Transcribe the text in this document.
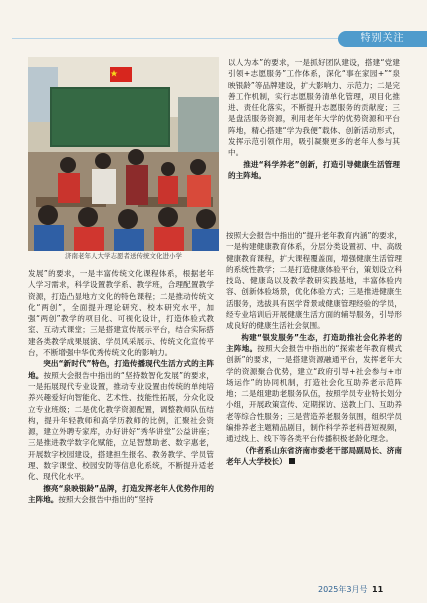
特别关注
济南老年人大学志愿者送传统文化进小学

以人为本”的要求，一是抓好团队建设，搭建“党建引领+志愿服务”工作体系，深化“事在家园+”“泉映银龄”等品牌建设，扩大影响力、示范力；二是完善工作机制，实行志愿服务清单化管理，项目化推进、责任化落实，不断提升志愿服务的贡献度；三是盘活服务资源，利用老年大学的优势资源和平台阵地，精心搭建“学为我便”载体、创新活动形式，发挥示范引领作用，吸引凝聚更多的老年人参与其中。

推进“科学养老”创新，打造引导健康生活管理的主阵地。

发展”的要求，一是丰富传统文化课程体系，根据老年人学习需求，科学设置教学系、教学班，合理配置教学资源，打造凸显地方文化的特色课程；二是推动传统文化“两创”，全面提升理论研究、校本研究水平，加强“两创”教学的项目化、可视化设计，打造体验式教室、互动式课堂；三是搭建宣传展示平台，结合实际搭建各类教学成果展演、学员风采展示、传统文化宣传平台，不断增强中华优秀传统文化的影响力。

突出“新时代”特色，打造传播现代生活方式的主阵地。按照大会报告中指出的“坚持数智化发展”的要求，一是拓展现代专业设置，推动专业设置由传统的单纯培养兴趣爱好向智能化、艺术性、技能性拓展，分众化设立专业班级；二是优化教学资源配置，调整教师队伍结构，提升年轻教师和高学历教师的比例，汇聚社会资源，建立外聘专家库，办好讲好“秀华讲堂”公益讲座；三是推进教学数字化赋能，立足智慧助老、数字惠老，开展数字校园建设，搭建担生报名、教务教学、学员管理、数字课堂、校园安防等信息化系统，不断提升适老化、现代化水平。

擦亮“泉映银龄”品牌，打造发挥老年人优势作用的主阵地。按照大会报告中指出的“坚持

按照大会报告中指出的“提升老年教育内涵”的要求，一是构建健康教育体系，分层分类设置初、中、高级健康教育课程，扩大课程覆盖面，增强健康生活管理的系统性教学；二是打造健康体验平台，策划设立科技岛、健康岛以及教学教研实践基地，丰富体验内容、创新体验场景，优化体验方式；三是推进健康生活服务，选拔具有医学背景或健康管理经验的学员，经专业培训后开展健康生活方面的辅导服务，引导形成良好的健康生活社会氛围。

构建“银发服务”生态，打造助推社会化养老的主阵地。按照大会报告中指出的“探索老年教育模式创新”的要求，一是搭建资源融通平台，发挥老年大学的资源聚合优势，建立“政府引导+社会参与+市场运作”的协同机制，打造社会化互助养老示范阵地；二是组建助老服务队伍，按照学员专业特长划分小组，开展政策宣传、定期探访、送教上门、互助养老等综合性服务；三是营造养老服务氛围，组织学员编排养老主题精品剧目，制作科学养老科普短视频，通过线上、线下等各类平台传播积极老龄化理念。

（作者系山东省济南市委老干部局副局长、济南老年人大学校长）

2025年3月号 11
